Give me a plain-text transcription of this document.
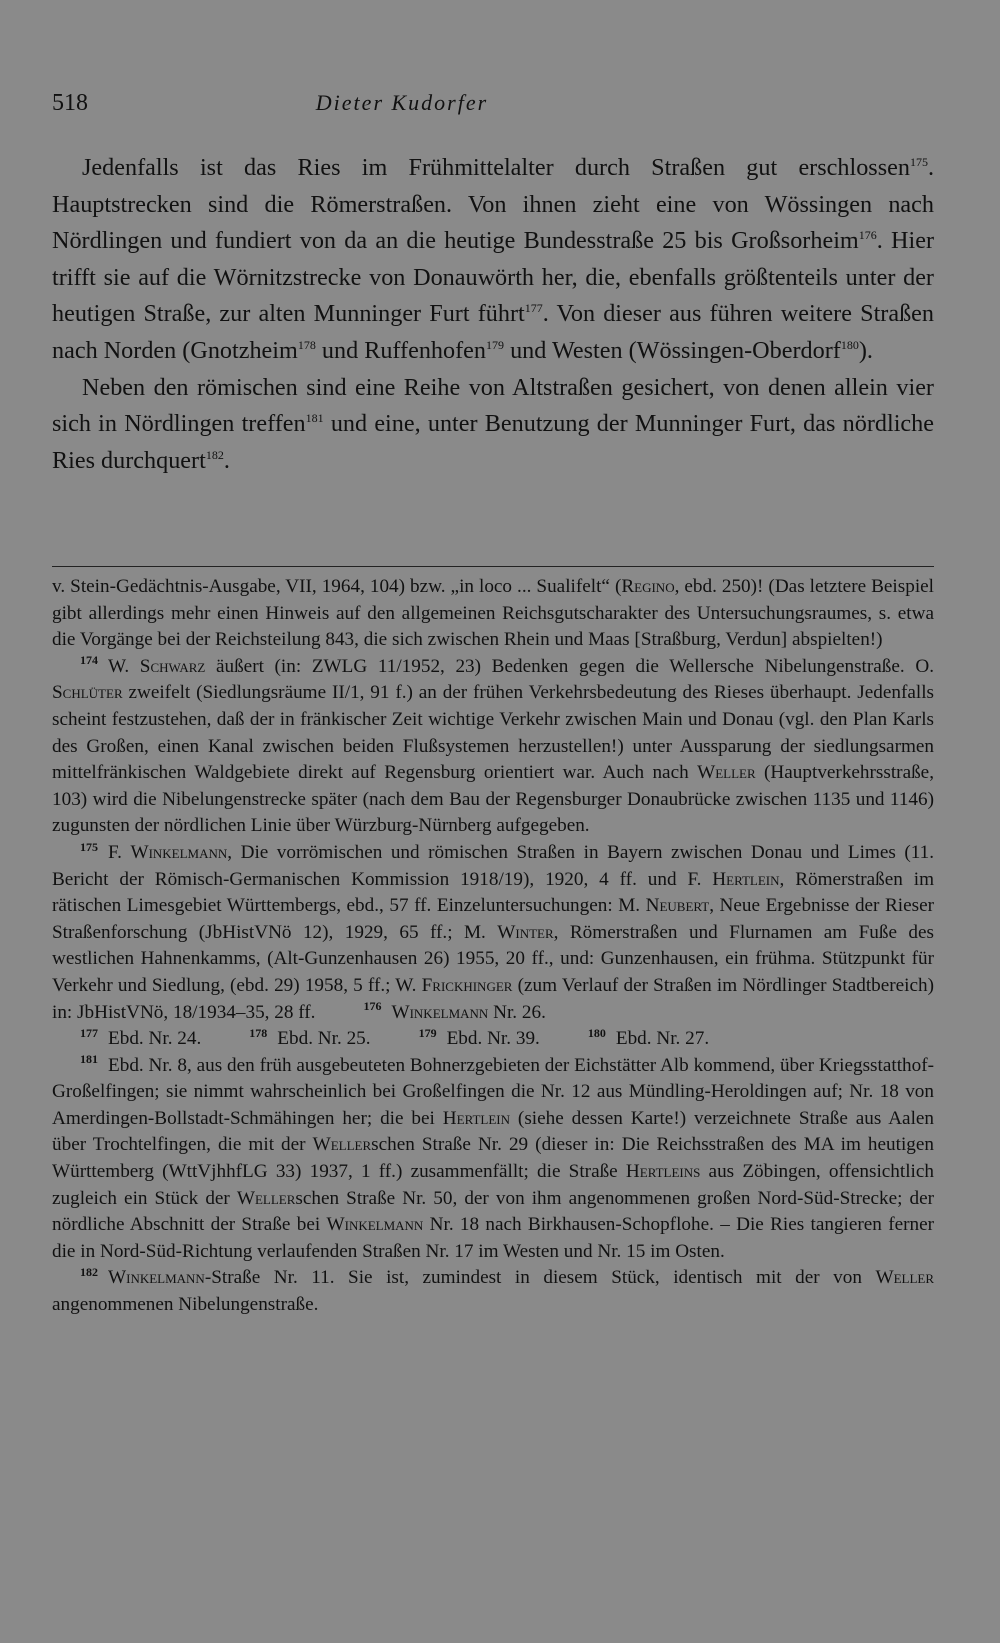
518	Dieter Kudorfer

Jedenfalls ist das Ries im Frühmittelalter durch Straßen gut erschlossen$^{175}$. Hauptstrecken sind die Römerstraßen. Von ihnen zieht eine von Wössingen nach Nördlingen und fundiert von da an die heutige Bundesstraße 25 bis Großsorheim$^{176}$. Hier trifft sie auf die Wörnitzstrecke von Donauwörth her, die, ebenfalls größtenteils unter der heutigen Straße, zur alten Munninger Furt führt$^{177}$. Von dieser aus führen weitere Straßen nach Norden (Gnotzheim$^{178}$ und Ruffenhofen$^{179}$ und Westen (Wössingen-Oberdorf$^{180}$).

Neben den römischen sind eine Reihe von Altstraßen gesichert, von denen allein vier sich in Nördlingen treffen$^{181}$ und eine, unter Benutzung der Munninger Furt, das nördliche Ries durchquert$^{182}$.

v. Stein-Gedächtnis-Ausgabe, VII, 1964, 104) bzw. „in loco ... Sualifelt“ (Regino, ebd. 250)! (Das letztere Beispiel gibt allerdings mehr einen Hinweis auf den allgemeinen Reichsgutscharakter des Untersuchungsraumes, s. etwa die Vorgänge bei der Reichsteilung 843, die sich zwischen Rhein und Maas [Straßburg, Verdun] abspielten!)

$^{174}$ W. Schwarz äußert (in: ZWLG 11/1952, 23) Bedenken gegen die Wellersche Nibelungenstraße. O. Schlüter zweifelt (Siedlungsräume II/1, 91 f.) an der frühen Verkehrsbedeutung des Rieses überhaupt. Jedenfalls scheint festzustehen, daß der in fränkischer Zeit wichtige Verkehr zwischen Main und Donau (vgl. den Plan Karls des Großen, einen Kanal zwischen beiden Flußsystemen herzustellen!) unter Aussparung der siedlungsarmen mittelfränkischen Waldgebiete direkt auf Regensburg orientiert war. Auch nach Weller (Hauptverkehrsstraße, 103) wird die Nibelungenstrecke später (nach dem Bau der Regensburger Donaubrücke zwischen 1135 und 1146) zugunsten der nördlichen Linie über Würzburg-Nürnberg aufgegeben.

$^{175}$ F. Winkelmann, Die vorrömischen und römischen Straßen in Bayern zwischen Donau und Limes (11. Bericht der Römisch-Germanischen Kommission 1918/19), 1920, 4 ff. und F. Hertlein, Römerstraßen im rätischen Limesgebiet Württembergs, ebd., 57 ff. Einzeluntersuchungen: M. Neubert, Neue Ergebnisse der Rieser Straßenforschung (JbHistVNö 12), 1929, 65 ff.; M. Winter, Römerstraßen und Flurnamen am Fuße des westlichen Hahnenkamms, (Alt-Gunzenhausen 26) 1955, 20 ff., und: Gunzenhausen, ein frühma. Stützpunkt für Verkehr und Siedlung, (ebd. 29) 1958, 5 ff.; W. Frickhinger (zum Verlauf der Straßen im Nördlinger Stadtbereich) in: JbHistVNö, 18/1934–35, 28 ff.	$^{176}$ Winkelmann Nr. 26.

$^{177}$ Ebd. Nr. 24.	$^{178}$ Ebd. Nr. 25.	$^{179}$ Ebd. Nr. 39.	$^{180}$ Ebd. Nr. 27.

$^{181}$ Ebd. Nr. 8, aus den früh ausgebeuteten Bohnerzgebieten der Eichstätter Alb kommend, über Kriegsstatthof-Großelfingen; sie nimmt wahrscheinlich bei Großelfingen die Nr. 12 aus Mündling-Heroldingen auf; Nr. 18 von Amerdingen-Bollstadt-Schmähingen her; die bei Hertlein (siehe dessen Karte!) verzeichnete Straße aus Aalen über Trochtelfingen, die mit der Wellerschen Straße Nr. 29 (dieser in: Die Reichsstraßen des MA im heutigen Württemberg (WttVjhhfLG 33) 1937, 1 ff.) zusammenfällt; die Straße Hertleins aus Zöbingen, offensichtlich zugleich ein Stück der Wellerschen Straße Nr. 50, der von ihm angenommenen großen Nord-Süd-Strecke; der nördliche Abschnitt der Straße bei Winkelmann Nr. 18 nach Birkhausen-Schopflohe. – Die Ries tangieren ferner die in Nord-Süd-Richtung verlaufenden Straßen Nr. 17 im Westen und Nr. 15 im Osten.

$^{182}$ Winkelmann-Straße Nr. 11. Sie ist, zumindest in diesem Stück, identisch mit der von Weller angenommenen Nibelungenstraße.
